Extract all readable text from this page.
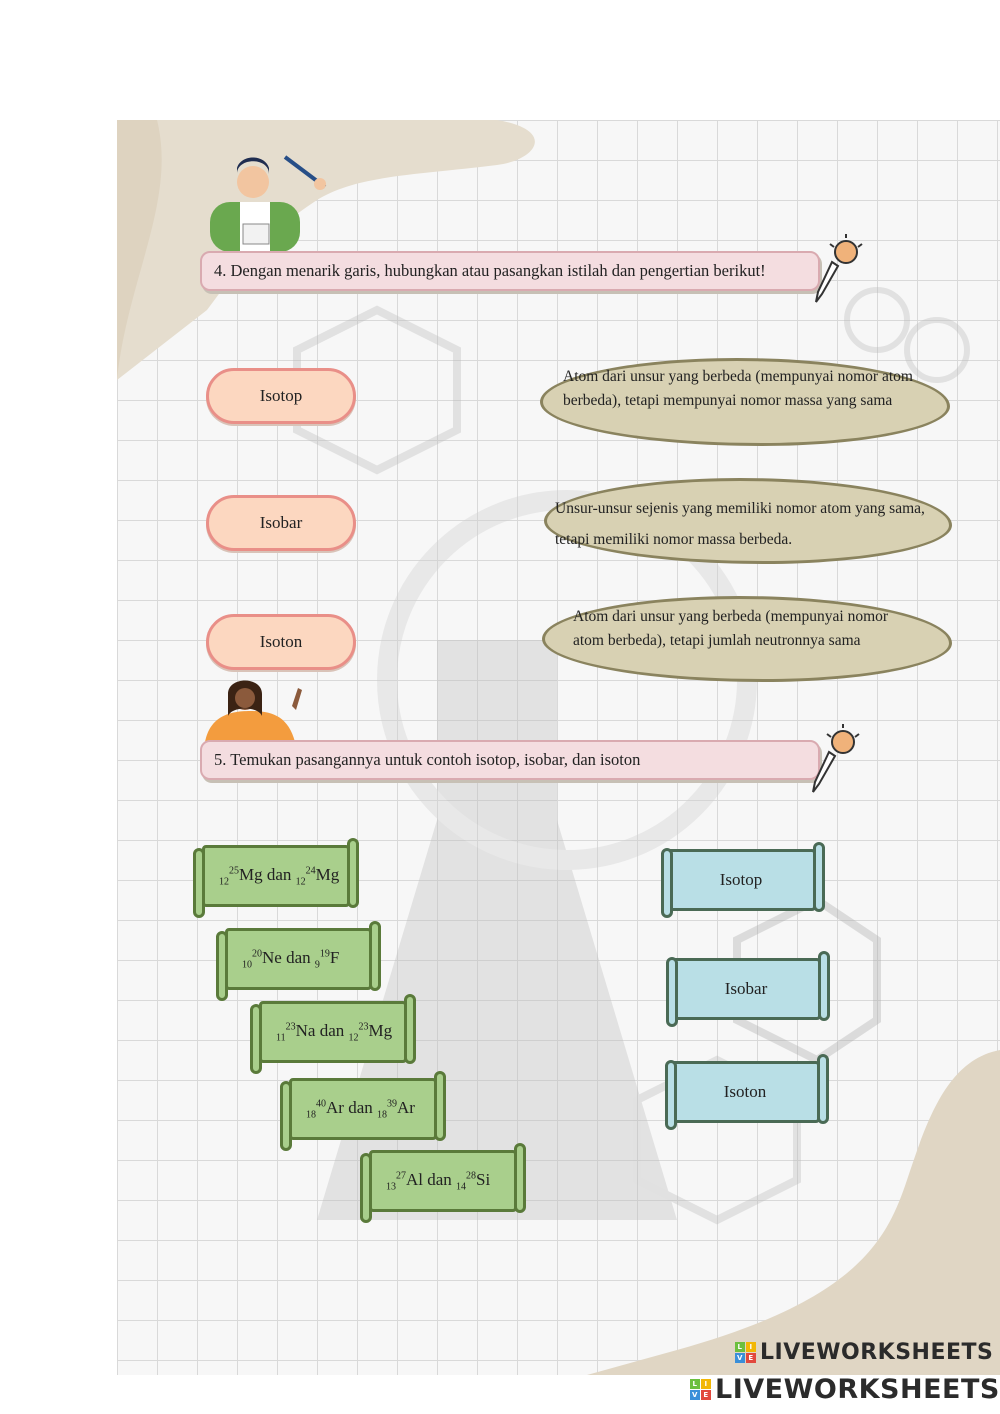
4. Dengan menarik garis, hubungkan atau pasangkan istilah dan pengertian berikut!
Isotop
Isobar
Isoton
Atom dari unsur yang berbeda (mempunyai nomor atom berbeda), tetapi mempunyai nomor massa yang sama
Unsur-unsur sejenis yang memiliki nomor atom yang sama, tetapi memiliki nomor massa berbeda.
Atom dari unsur yang berbeda (mempunyai nomor atom berbeda), tetapi jumlah neutronnya sama
5. Temukan pasangannya untuk contoh isotop, isobar, dan isoton
$_{12}^{25}$Mg dan $_{12}^{24}$Mg
$_{10}^{20}$Ne dan $_9^{19}$F
$_{11}^{23}$Na dan $_{12}^{23}$Mg
$_{18}^{40}$Ar dan $_{18}^{39}$Ar
$_{13}^{27}$Al dan $_{14}^{28}$Si
Isotop
Isobar
Isoton
L I
V E LIVEWORKSHEETS
L I
V E LIVEWORKSHEETS
